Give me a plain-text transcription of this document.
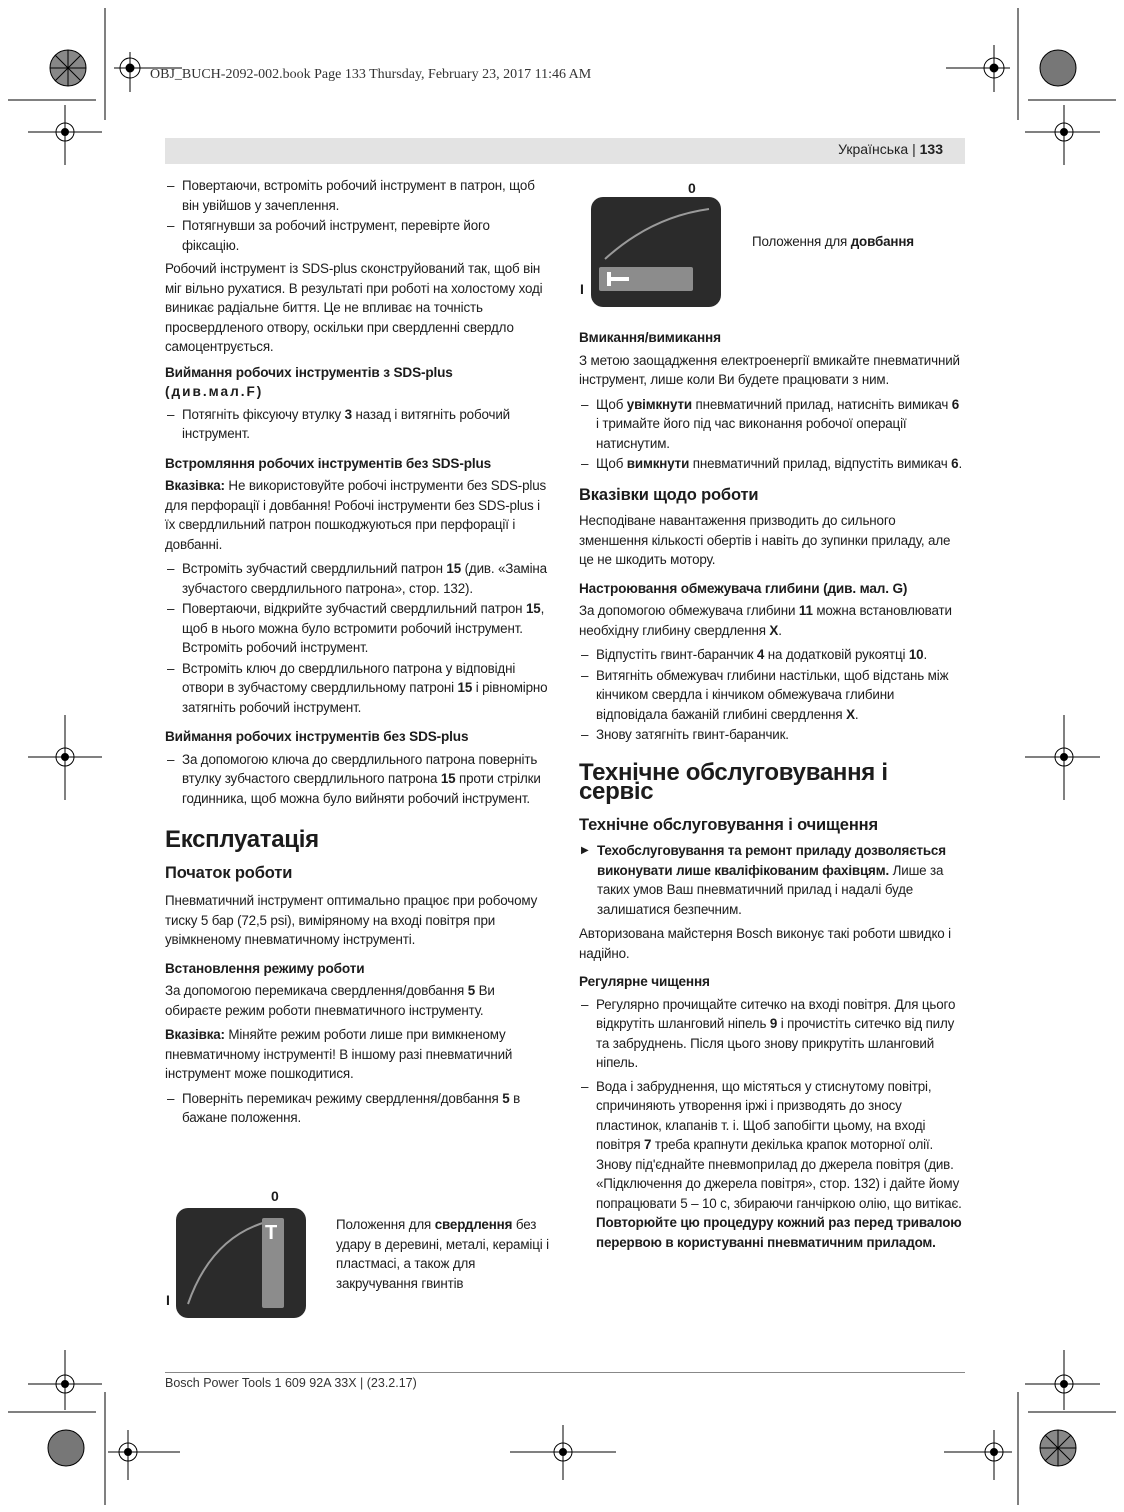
OBJ_BUCH-2092-002.book Page 133 Thursday, February 23, 2017 11:46 AM
Українська | 133
– Повертаючи, встроміть робочий інструмент в патрон, щоб він увійшов у зачеплення.
– Потягнувши за робочий інструмент, перевірте його фіксацію.

Робочий інструмент із SDS-plus сконструйований так, щоб він міг вільно рухатися. В результаті при роботі на холостому ході виникає радіальне биття. Це не впливає на точність просвердленого отвору, оскільки при свердленні свердло самоцентрується.

Виймання робочих інструментів з SDS-plus
(див.мал.F)
– Потягніть фіксуючу втулку 3 назад і витягніть робочий інструмент.
Встромляння робочих інструментів без SDS-plus

Вказівка: Не використовуйте робочі інструменти без SDS-plus для перфорації і довбання! Робочі інструменти без SDS-plus і їх свердлильний патрон пошкоджуються при перфорації і довбанні.

– Встроміть зубчастий свердлильний патрон 15 (див. «Заміна зубчастого свердлильного патрона», стор. 132).
– Повертаючи, відкрийте зубчастий свердлильний патрон 15, щоб в нього можна було встромити робочий інструмент. Встроміть робочий інструмент.
– Встроміть ключ до свердлильного патрона у відповідні отвори в зубчастому свердлильному патроні 15 і рівномірно затягніть робочий інструмент.
Виймання робочих інструментів без SDS-plus
– За допомогою ключа до свердлильного патрона поверніть втулку зубчастого свердлильного патрона 15 проти стрілки годинника, щоб можна було вийняти робочий інструмент.
Експлуатація
Початок роботи

Пневматичний інструмент оптимально працює при робочому тиску 5 бар (72,5 psi), виміряному на вході повітря при увімкненому пневматичному інструменті.

Встановлення режиму роботи

За допомогою перемикача свердлення/довбання 5 Ви обираєте режим роботи пневматичного інструменту.

Вказівка: Міняйте режим роботи лише при вимкненому пневматичному інструменті! В іншому разі пневматичний інструмент може пошкодитися.

– Поверніть перемикач режиму свердлення/довбання 5 в бажане положення.
0
I
T	Положення для свердлення без удару в деревині, металі, кераміці і пластмасі, а також для закручування гвинтів
0
I
Положення для довбання
Вмикання/вимикання

З метою заощадження електроенергії вмикайте пневматичний інструмент, лише коли Ви будете працювати з ним.

– Щоб увімкнути пневматичний прилад, натисніть вимикач 6 і тримайте його під час виконання робочої операції натиснутим.
– Щоб вимкнути пневматичний прилад, відпустіть вимикач 6.
Вказівки щодо роботи

Несподіване навантаження призводить до сильного зменшення кількості обертів і навіть до зупинки приладу, але це не шкодить мотору.

Настроювання обмежувача глибини (див. мал. G)

За допомогою обмежувача глибини 11 можна встановлювати необхідну глибину свердлення X.

– Відпустіть гвинт-баранчик 4 на додатковій рукоятці 10.
– Витягніть обмежувач глибини настільки, щоб відстань між кінчиком свердла і кінчиком обмежувача глибини відповідала бажаній глибині свердлення X.
– Знову затягніть гвинт-баранчик.
Технічне обслуговування і сервіс
Технічне обслуговування і очищення
▶ Техобслуговування та ремонт приладу дозволяється виконувати лише кваліфікованим фахівцям. Лише за таких умов Ваш пневматичний прилад і надалі буде залишатися безпечним.

Авторизована майстерня Bosch виконує такі роботи швидко і надійно.

Регулярне чищення
– Регулярно прочищайте ситечко на вході повітря. Для цього відкрутіть шланговий ніпель 9 і прочистіть ситечко від пилу та забруднень. Після цього знову прикрутіть шланговий ніпель.
– Вода і забруднення, що містяться у стиснутому повітрі, спричиняють утворення іржі і призводять до зносу пластинок, клапанів т. і. Щоб запобігти цьому, на вході повітря 7 треба крапнути декілька крапок моторної олії. Знову під'єднайте пневмоприлад до джерела повітря (див. «Підключення до джерела повітря», стор. 132) і дайте йому попрацювати 5 – 10 с, збираючи ганчіркою олію, що витікає. Повторюйте цю процедуру кожний раз перед тривалою перервою в користуванні пневматичним приладом.
Bosch Power Tools 1 609 92A 33X | (23.2.17)
